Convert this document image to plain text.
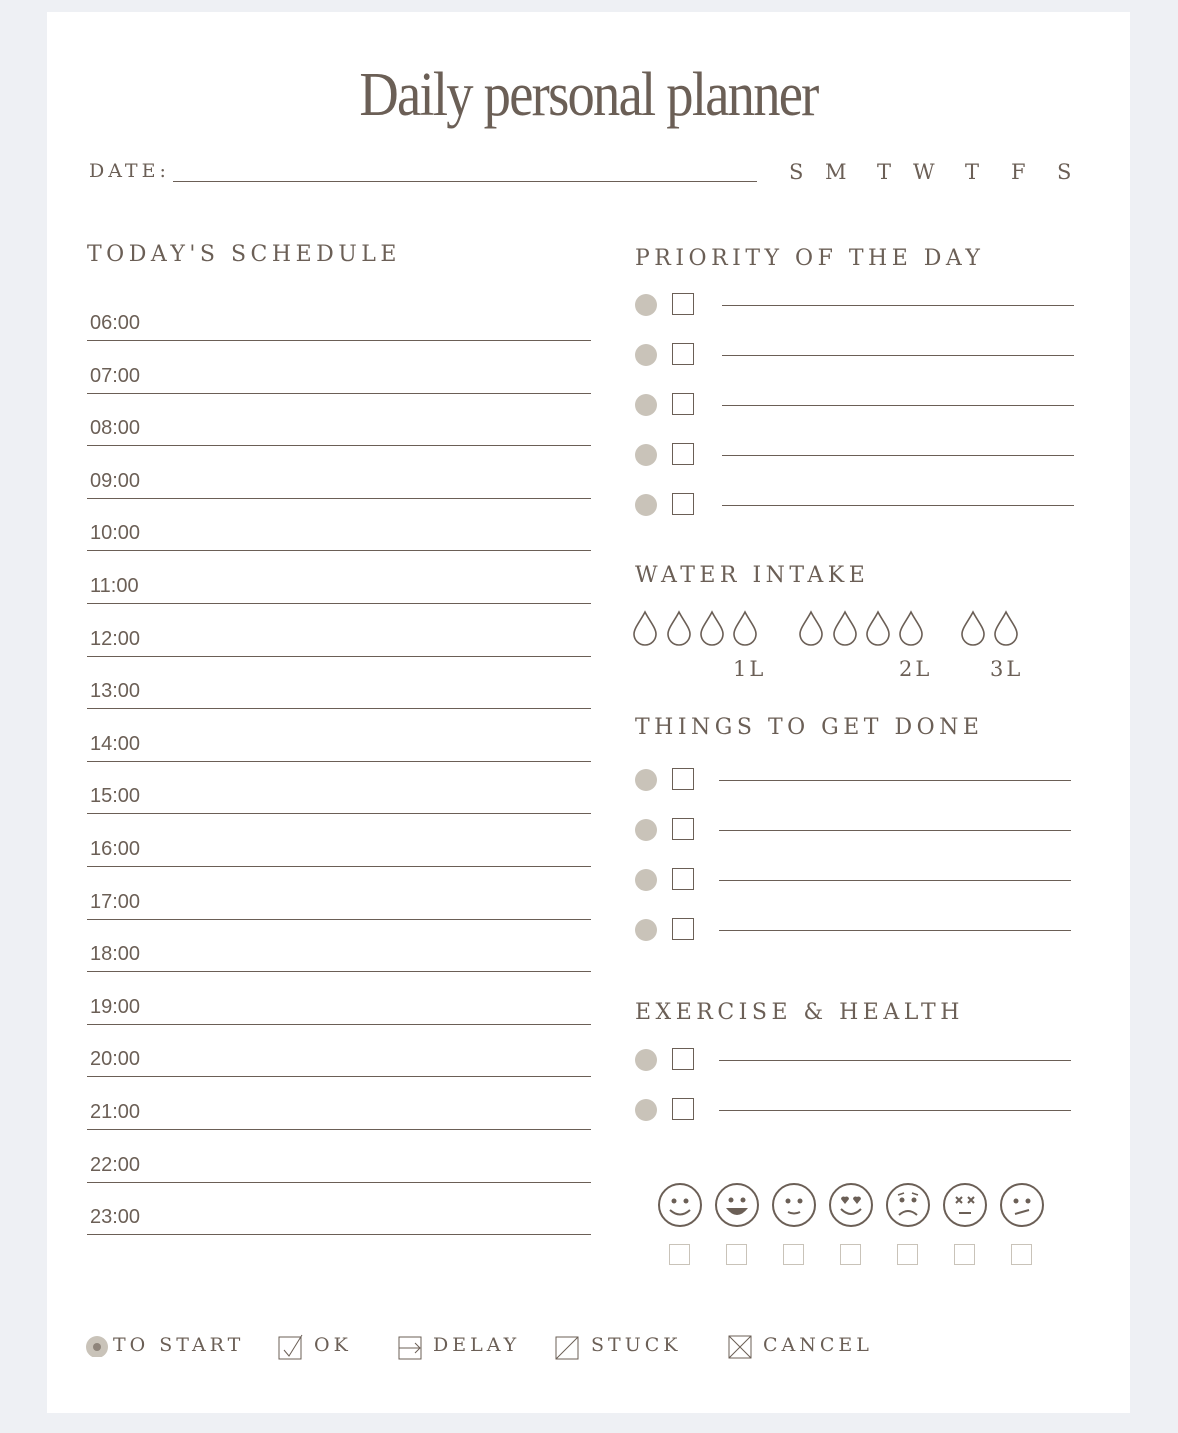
Daily personal planner
DATE:	S M T W T F S
TODAY'S SCHEDULE
06:00
07:00
08:00
09:00
10:00
11:00
12:00
13:00
14:00
15:00
16:00
17:00
18:00
19:00
20:00
21:00
22:00
23:00
PRIORITY OF THE DAY
WATER INTAKE
1L	2L	3L
THINGS TO GET DONE
EXERCISE & HEALTH
TO START	OK	DELAY	STUCK	CANCEL
